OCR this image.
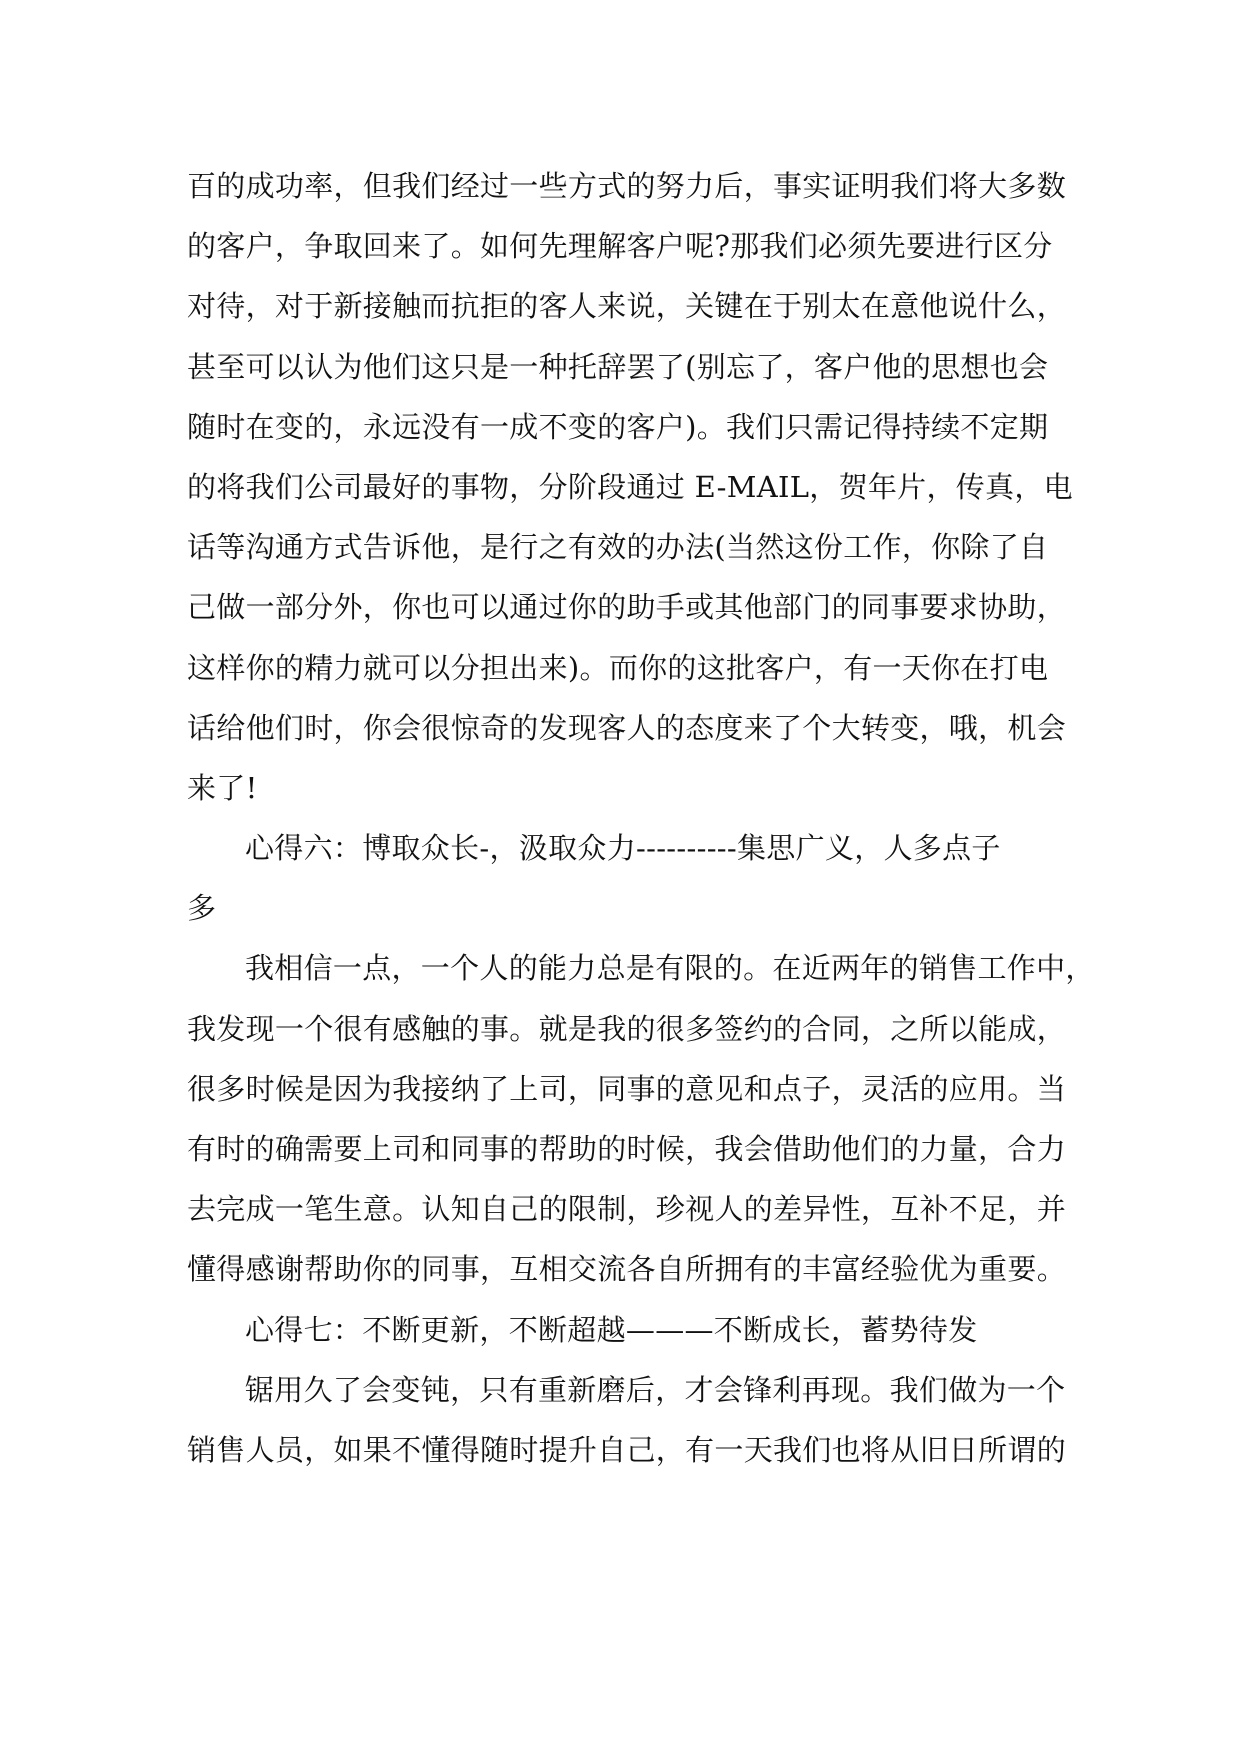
百的成功率，但我们经过一些方式的努力后，事实证明我们将大多数
的客户，争取回来了。如何先理解客户呢?那我们必须先要进行区分
对待，对于新接触而抗拒的客人来说，关键在于别太在意他说什么，
甚至可以认为他们这只是一种托辞罢了(别忘了，客户他的思想也会
随时在变的，永远没有一成不变的客户)。我们只需记得持续不定期
的将我们公司最好的事物，分阶段通过 E-MAIL，贺年片，传真，电
话等沟通方式告诉他，是行之有效的办法(当然这份工作，你除了自
己做一部分外，你也可以通过你的助手或其他部门的同事要求协助，
这样你的精力就可以分担出来)。而你的这批客户，有一天你在打电
话给他们时，你会很惊奇的发现客人的态度来了个大转变，哦，机会
来了!
心得六：博取众长-，汲取众力----------集思广义，人多点子
多
我相信一点，一个人的能力总是有限的。在近两年的销售工作中，
我发现一个很有感触的事。就是我的很多签约的合同，之所以能成，
很多时候是因为我接纳了上司，同事的意见和点子，灵活的应用。当
有时的确需要上司和同事的帮助的时候，我会借助他们的力量，合力
去完成一笔生意。认知自己的限制，珍视人的差异性，互补不足，并
懂得感谢帮助你的同事，互相交流各自所拥有的丰富经验优为重要。
心得七：不断更新，不断超越———不断成长，蓄势待发
锯用久了会变钝，只有重新磨后，才会锋利再现。我们做为一个
销售人员，如果不懂得随时提升自己，有一天我们也将从旧日所谓的
